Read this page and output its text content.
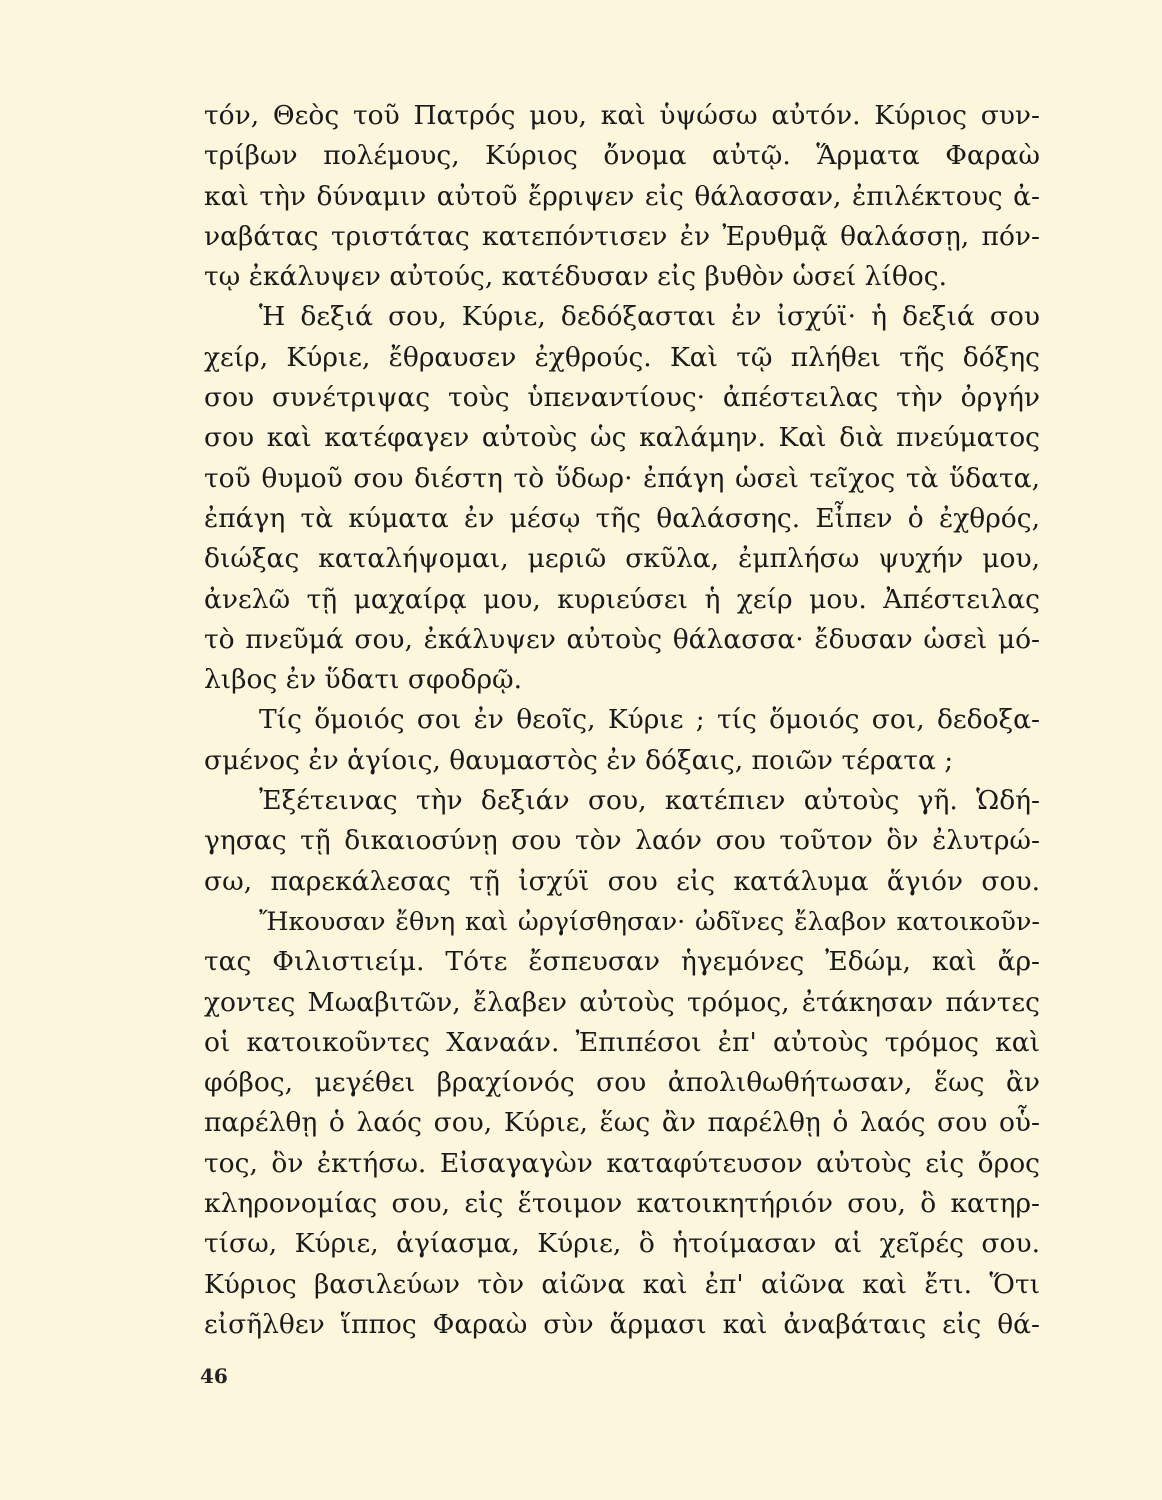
τόν, Θεὸς τοῦ Πατρός μου, καὶ ὑψώσω αὐτόν. Κύριος συν-
τρίβων πολέμους, Κύριος ὄνομα αὐτῷ. Ἅρματα Φαραὼ
καὶ τὴν δύναμιν αὐτοῦ ἔρριψεν εἰς θάλασσαν, ἐπιλέκτους ἀ-
ναβάτας τριστάτας κατεπόντισεν ἐν Ἐρυθμᾷ θαλάσσῃ, πόν-
τῳ ἐκάλυψεν αὐτούς, κατέδυσαν εἰς βυθὸν ὡσεί λίθος.
Ἡ δεξιά σου, Κύριε, δεδόξασται ἐν ἰσχύϊ· ἡ δεξιά σου
χείρ, Κύριε, ἔθραυσεν ἐχθρούς. Καὶ τῷ πλήθει τῆς δόξης
σου συνέτριψας τοὺς ὑπεναντίους· ἀπέστειλας τὴν ὀργήν
σου καὶ κατέφαγεν αὐτοὺς ὡς καλάμην. Καὶ διὰ πνεύματος
τοῦ θυμοῦ σου διέστη τὸ ὕδωρ· ἐπάγη ὡσεὶ τεῖχος τὰ ὕδατα,
ἐπάγη τὰ κύματα ἐν μέσῳ τῆς θαλάσσης. Εἶπεν ὁ ἐχθρός,
διώξας καταλήψομαι, μεριῶ σκῦλα, ἐμπλήσω ψυχήν μου,
ἀνελῶ τῇ μαχαίρᾳ μου, κυριεύσει ἡ χείρ μου. Ἀπέστειλας
τὸ πνεῦμά σου, ἐκάλυψεν αὐτοὺς θάλασσα· ἔδυσαν ὡσεὶ μό-
λιβος ἐν ὕδατι σφοδρῷ.
Τίς ὅμοιός σοι ἐν θεοῖς, Κύριε ; τίς ὅμοιός σοι, δεδοξα-
σμένος ἐν ἁγίοις, θαυμαστὸς ἐν δόξαις, ποιῶν τέρατα ;
Ἐξέτεινας τὴν δεξιάν σου, κατέπιεν αὐτοὺς γῆ. Ὡδή-
γησας τῇ δικαιοσύνῃ σου τὸν λαόν σου τοῦτον ὃν ἐλυτρώ-
σω, παρεκάλεσας τῇ ἰσχύϊ σου εἰς κατάλυμα ἅγιόν σου.
Ἤκουσαν ἔθνη καὶ ὠργίσθησαν· ὠδῖνες ἔλαβον κατοικοῦν-
τας Φιλιστιείμ. Τότε ἔσπευσαν ἡγεμόνες Ἐδώμ, καὶ ἄρ-
χοντες Μωαβιτῶν, ἔλαβεν αὐτοὺς τρόμος, ἐτάκησαν πάντες
οἱ κατοικοῦντες Χαναάν. Ἐπιπέσοι ἐπ' αὐτοὺς τρόμος καὶ
φόβος, μεγέθει βραχίονός σου ἀπολιθωθήτωσαν, ἕως ἂν
παρέλθῃ ὁ λαός σου, Κύριε, ἕως ἂν παρέλθῃ ὁ λαός σου οὗ-
τος, ὃν ἐκτήσω. Εἰσαγαγὼν καταφύτευσον αὐτοὺς εἰς ὄρος
κληρονομίας σου, εἰς ἕτοιμον κατοικητήριόν σου, ὃ κατηρ-
τίσω, Κύριε, ἁγίασμα, Κύριε, ὃ ἡτοίμασαν αἱ χεῖρές σου.
Κύριος βασιλεύων τὸν αἰῶνα καὶ ἐπ' αἰῶνα καὶ ἔτι. Ὅτι
εἰσῆλθεν ἵππος Φαραὼ σὺν ἅρμασι καὶ ἀναβάταις εἰς θά-
46
